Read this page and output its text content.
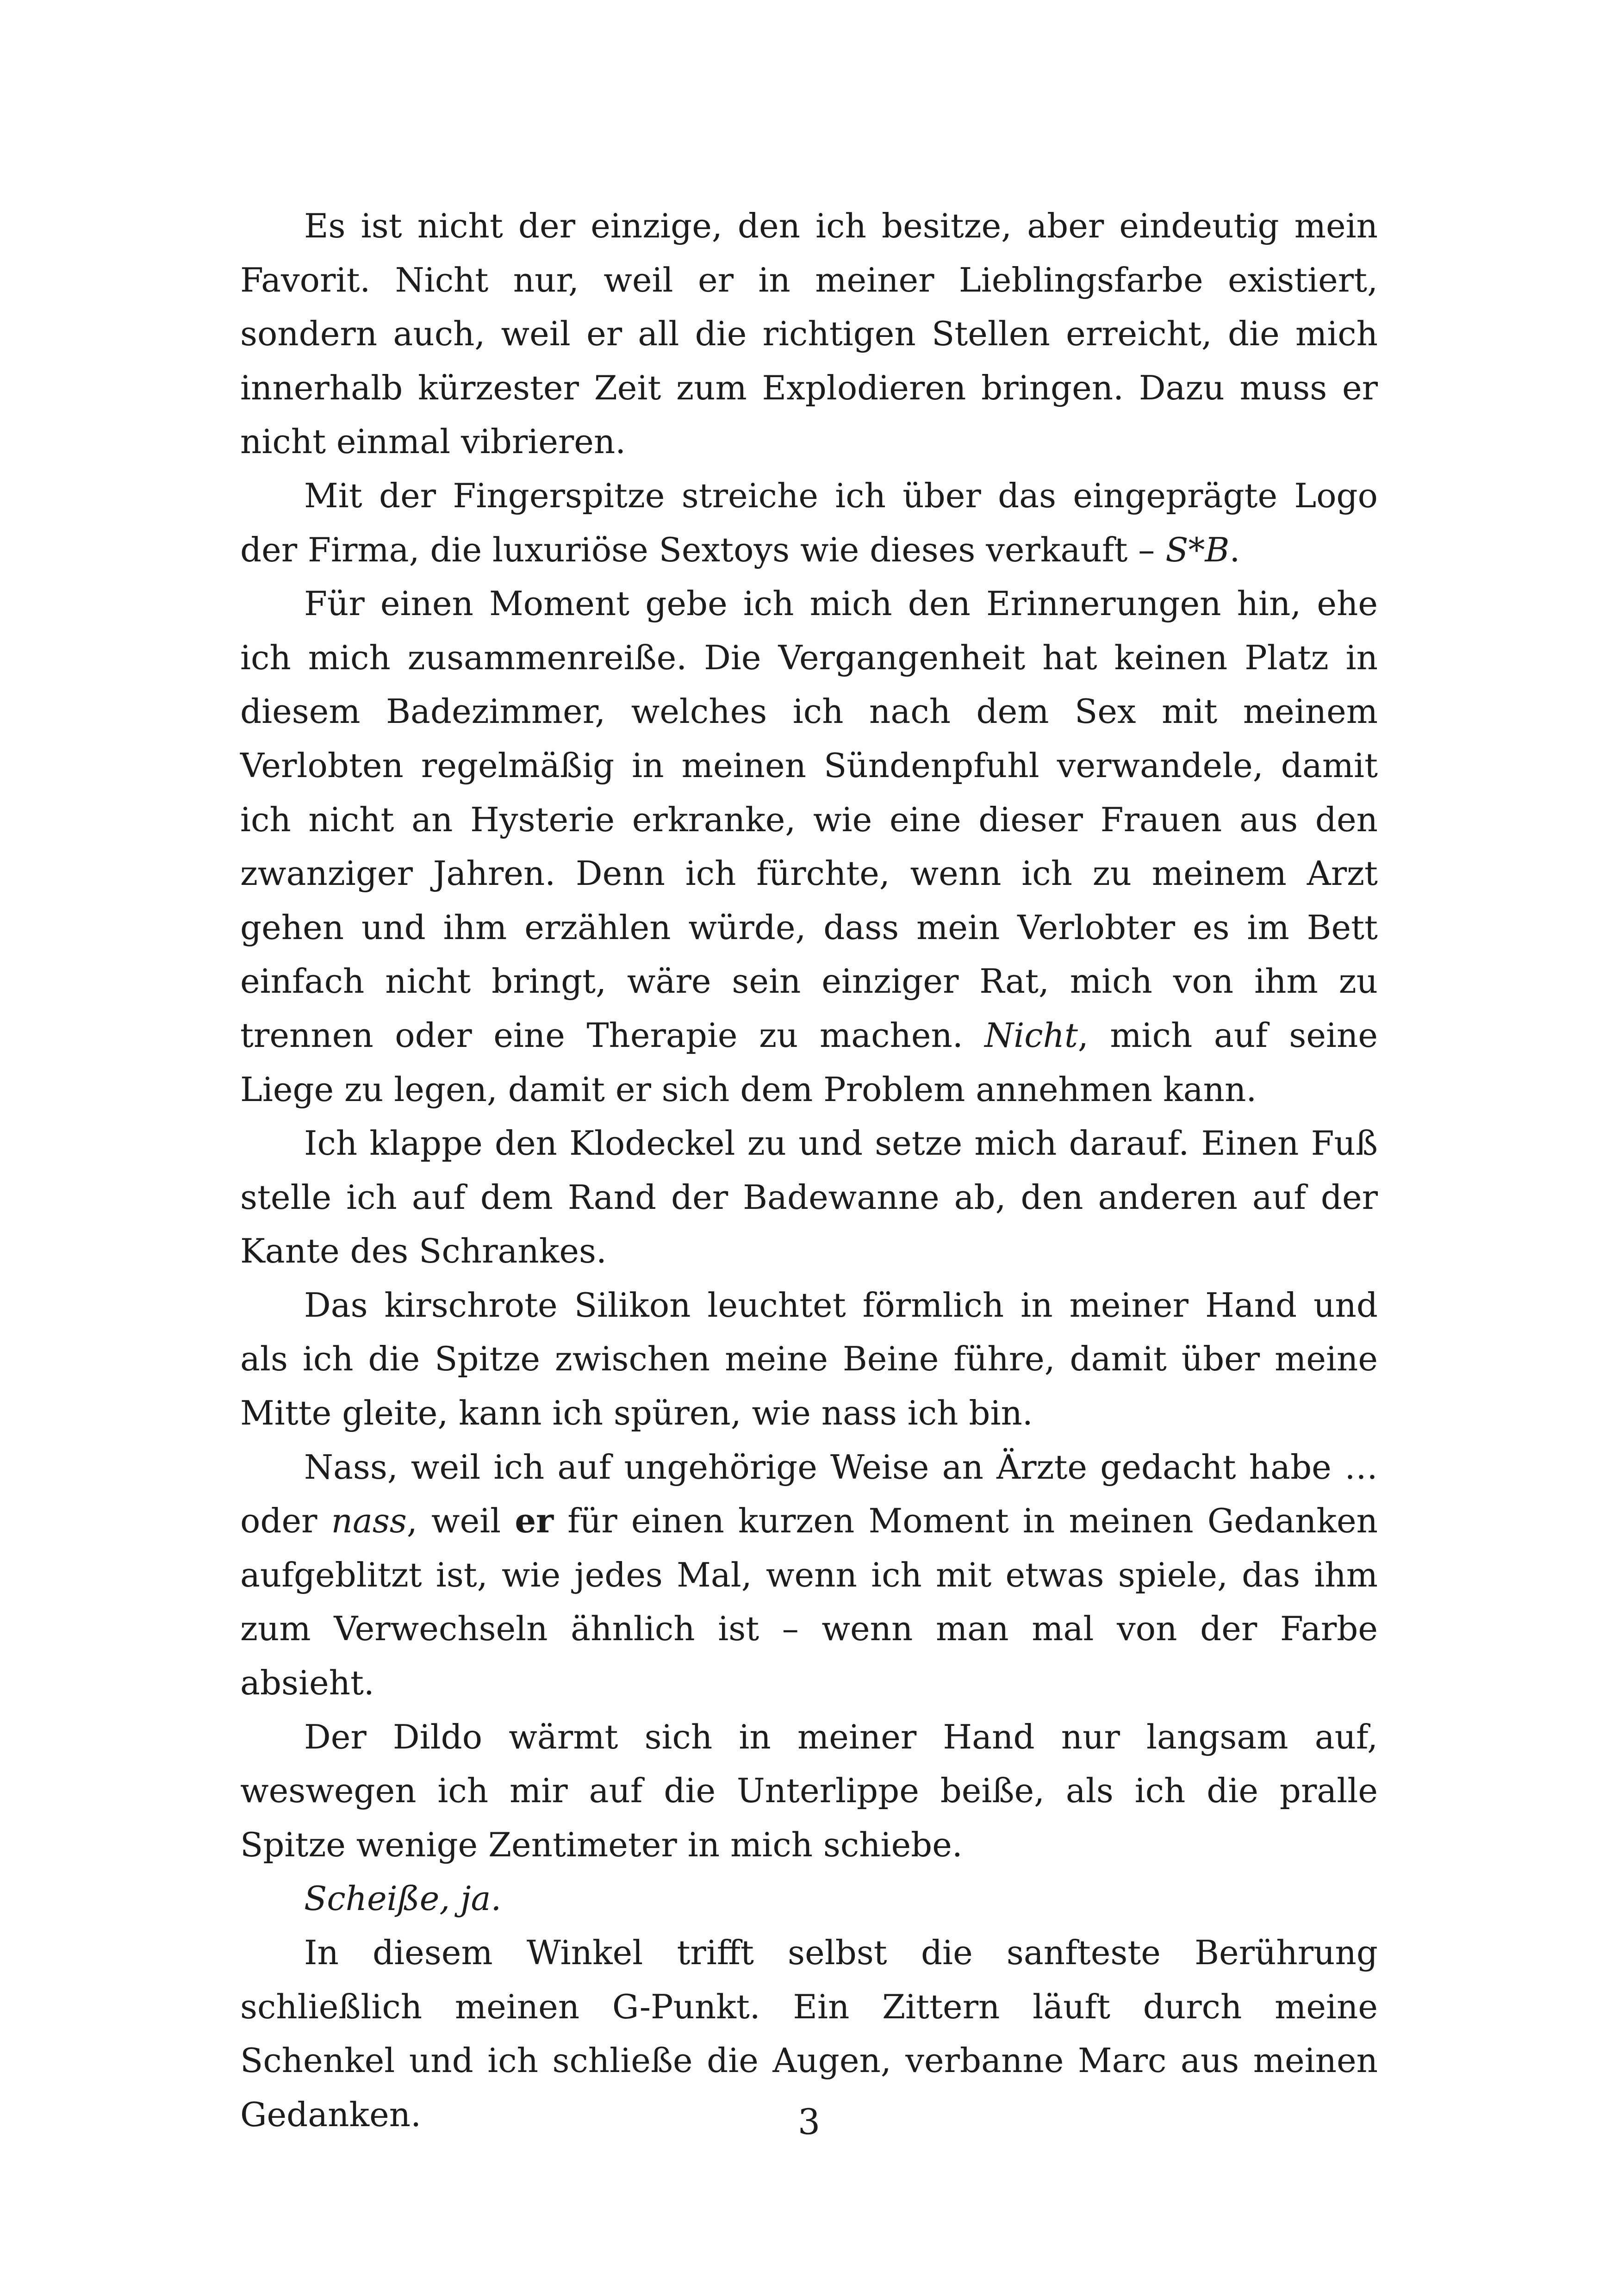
Es ist nicht der einzige, den ich besitze, aber eindeutig mein Favorit. Nicht nur, weil er in meiner Lieblingsfarbe existiert, sondern auch, weil er all die richtigen Stellen erreicht, die mich innerhalb kürzester Zeit zum Explodieren bringen. Dazu muss er nicht einmal vibrieren.

Mit der Fingerspitze streiche ich über das eingeprägte Logo der Firma, die luxuriöse Sextoys wie dieses verkauft – S*B.

Für einen Moment gebe ich mich den Erinnerungen hin, ehe ich mich zusammenreiße. Die Vergangenheit hat keinen Platz in diesem Badezimmer, welches ich nach dem Sex mit meinem Verlobten regelmäßig in meinen Sündenpfuhl verwandele, damit ich nicht an Hysterie erkranke, wie eine dieser Frauen aus den zwanziger Jahren. Denn ich fürchte, wenn ich zu meinem Arzt gehen und ihm erzählen würde, dass mein Verlobter es im Bett einfach nicht bringt, wäre sein einziger Rat, mich von ihm zu trennen oder eine Therapie zu machen. Nicht, mich auf seine Liege zu legen, damit er sich dem Problem annehmen kann.

Ich klappe den Klodeckel zu und setze mich darauf. Einen Fuß stelle ich auf dem Rand der Badewanne ab, den anderen auf der Kante des Schrankes.

Das kirschrote Silikon leuchtet förmlich in meiner Hand und als ich die Spitze zwischen meine Beine führe, damit über meine Mitte gleite, kann ich spüren, wie nass ich bin.

Nass, weil ich auf ungehörige Weise an Ärzte gedacht habe … oder nass, weil er für einen kurzen Moment in meinen Gedanken aufgeblitzt ist, wie jedes Mal, wenn ich mit etwas spiele, das ihm zum Verwechseln ähnlich ist – wenn man mal von der Farbe absieht.

Der Dildo wärmt sich in meiner Hand nur langsam auf, weswegen ich mir auf die Unterlippe beiße, als ich die pralle Spitze wenige Zentimeter in mich schiebe.

Scheiße, ja.

In diesem Winkel trifft selbst die sanfteste Berührung schließlich meinen G-Punkt. Ein Zittern läuft durch meine Schenkel und ich schließe die Augen, verbanne Marc aus meinen Gedanken.	3
